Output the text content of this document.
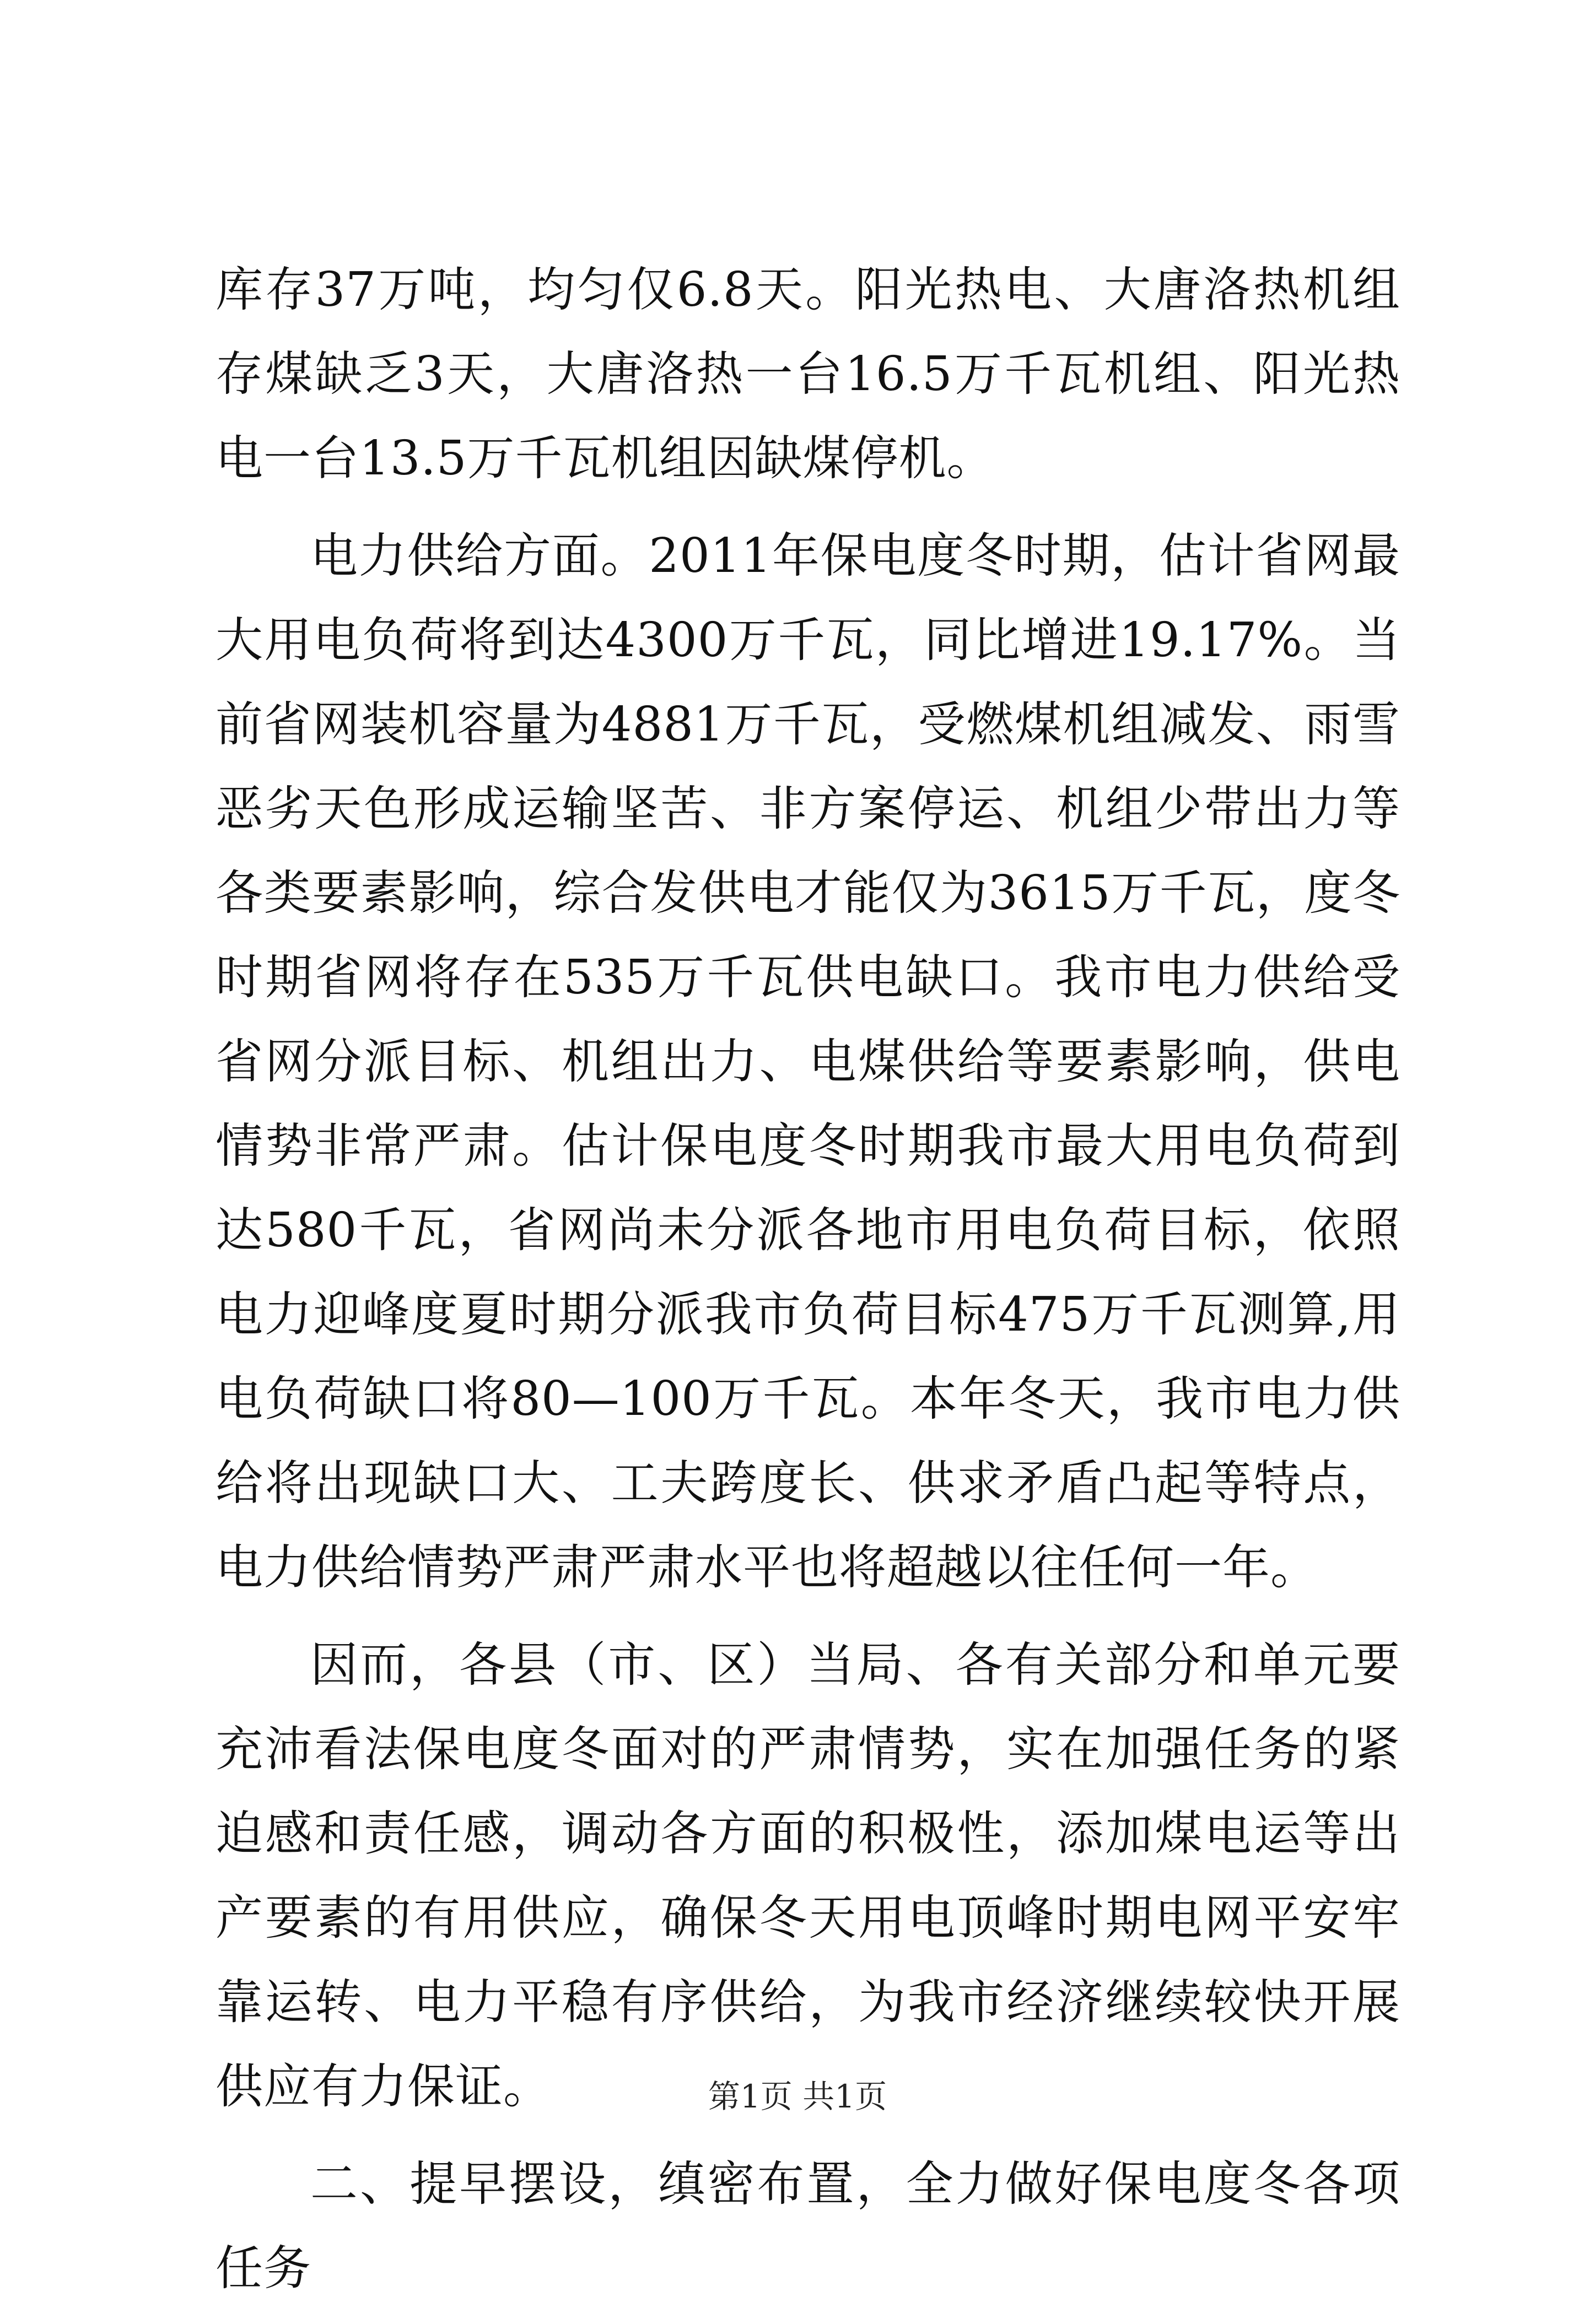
库存37万吨，均匀仅6.8天。阳光热电、大唐洛热机组存煤缺乏3天，大唐洛热一台16.5万千瓦机组、阳光热电一台13.5万千瓦机组因缺煤停机。

电力供给方面。2011年保电度冬时期，估计省网最大用电负荷将到达4300万千瓦，同比增进19.17%。当前省网装机容量为4881万千瓦，受燃煤机组减发、雨雪恶劣天色形成运输坚苦、非方案停运、机组少带出力等各类要素影响，综合发供电才能仅为3615万千瓦，度冬时期省网将存在535万千瓦供电缺口。我市电力供给受省网分派目标、机组出力、电煤供给等要素影响，供电情势非常严肃。估计保电度冬时期我市最大用电负荷到达580千瓦，省网尚未分派各地市用电负荷目标，依照电力迎峰度夏时期分派我市负荷目标475万千瓦测算,用电负荷缺口将80—100万千瓦。本年冬天，我市电力供给将出现缺口大、工夫跨度长、供求矛盾凸起等特点，电力供给情势严肃严肃水平也将超越以往任何一年。

因而，各县（市、区）当局、各有关部分和单元要充沛看法保电度冬面对的严肃情势，实在加强任务的紧迫感和责任感，调动各方面的积极性，添加煤电运等出产要素的有用供应，确保冬天用电顶峰时期电网平安牢靠运转、电力平稳有序供给，为我市经济继续较快开展供应有力保证。

二、提早摆设，缜密布置，全力做好保电度冬各项任务

第1页 共1页
